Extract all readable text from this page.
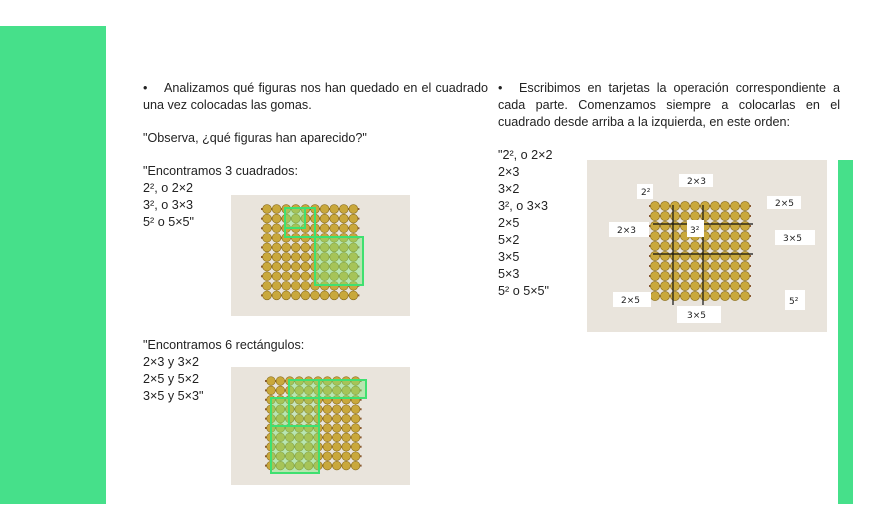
• Analizamos qué figuras nos han quedado en el cuadrado una vez colocadas las gomas.

"Observa, ¿qué figuras han aparecido?"

"Encontramos 3 cuadrados:
2², o 2×2
3², o 3×3
5² o 5×5"
"Encontramos 6 rectángulos:
2×3 y 3×2
2×5 y 5×2
3×5 y 5×3"

• Escribimos en tarjetas la operación correspondiente a cada parte. Comenzamos siempre a colocarlas en el cuadrado desde arriba a la izquierda, en este orden:

"2², o 2×2
2×3
3×2
3², o 3×3
2×5
5×2
3×5
5×3
5² o 5×5"
2²
2×3
2×5
2×3	3²
3×5
2×5	5²
3×5
